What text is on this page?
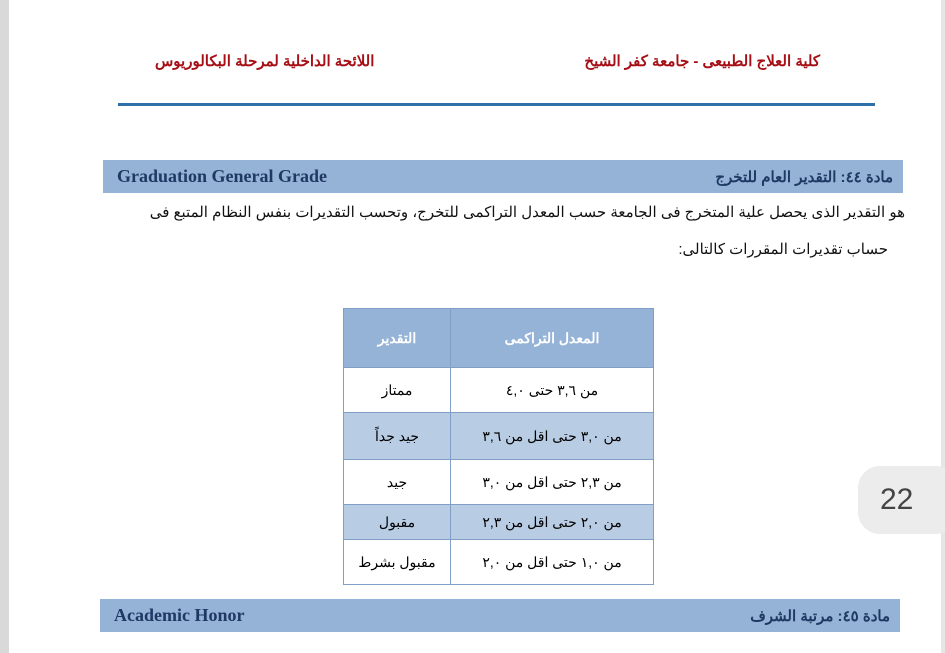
اللائحة الداخلية لمرحلة البكالوريوس	كلية العلاج الطبيعى - جامعة كفر الشيخ
Graduation General Grade	مادة ٤٤: التقدير العام للتخرج
هو التقدير الذى يحصل علية المتخرج فى الجامعة حسب المعدل التراكمى للتخرج، وتحسب التقديرات بنفس النظام المتبع فى
حساب تقديرات المقررات كالتالى:
المعدل التراكمى	التقدير
من ٣,٦ حتى ٤,٠	ممتاز
من ٣,٠ حتى اقل من ٣,٦	جيد جداً
من ٢,٣ حتى اقل من ٣,٠	جيد
من ٢,٠ حتى اقل من ٢,٣	مقبول
من ١,٠ حتى اقل من ٢,٠	مقبول بشرط
Academic Honor	مادة ٤٥: مرتبة الشرف
22
